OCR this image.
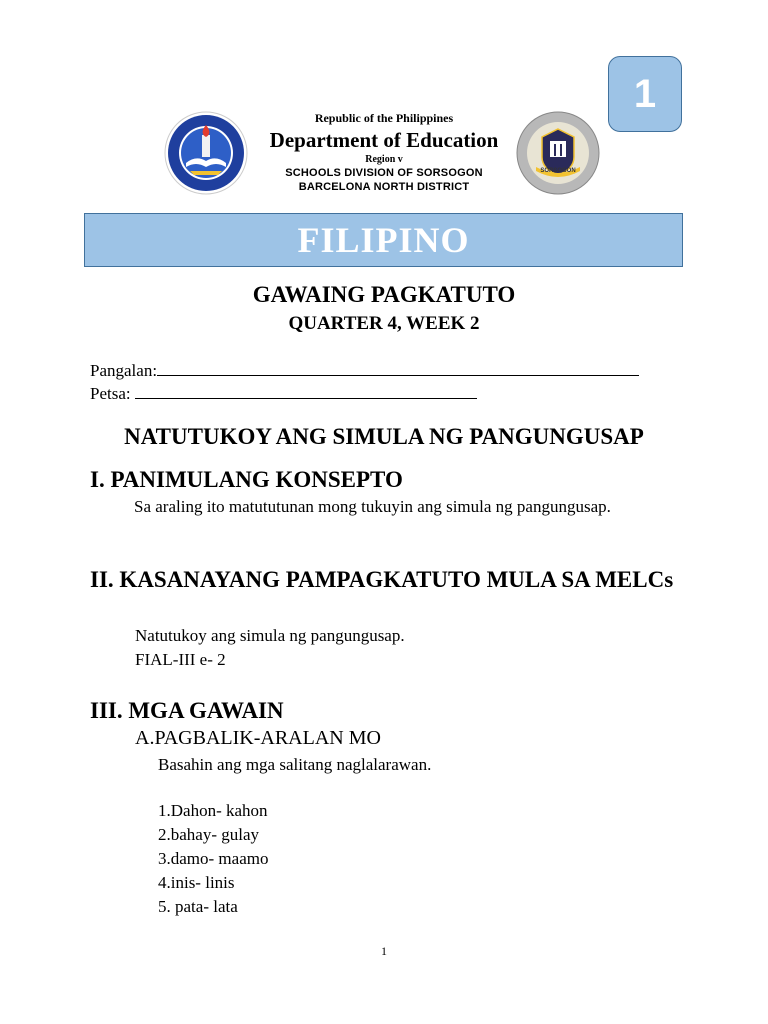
1
Republic of the Philippines
Department of Education
Region v
SCHOOLS DIVISION OF SORSOGON
BARCELONA NORTH DISTRICT
SORSOGON
FILIPINO
GAWAING PAGKATUTO
QUARTER 4, WEEK 2
Pangalan:
Petsa:
NATUTUKOY ANG SIMULA NG PANGUNGUSAP
I. PANIMULANG KONSEPTO
Sa araling ito matututunan mong tukuyin ang simula ng pangungusap.
II. KASANAYANG PAMPAGKATUTO MULA SA MELCs
Natutukoy ang simula ng pangungusap.
FIAL-III e- 2
III. MGA GAWAIN
A.PAGBALIK-ARALAN MO
Basahin ang mga salitang naglalarawan.
1.Dahon- kahon
2.bahay- gulay
3.damo- maamo
4.inis- linis
5. pata- lata
1
